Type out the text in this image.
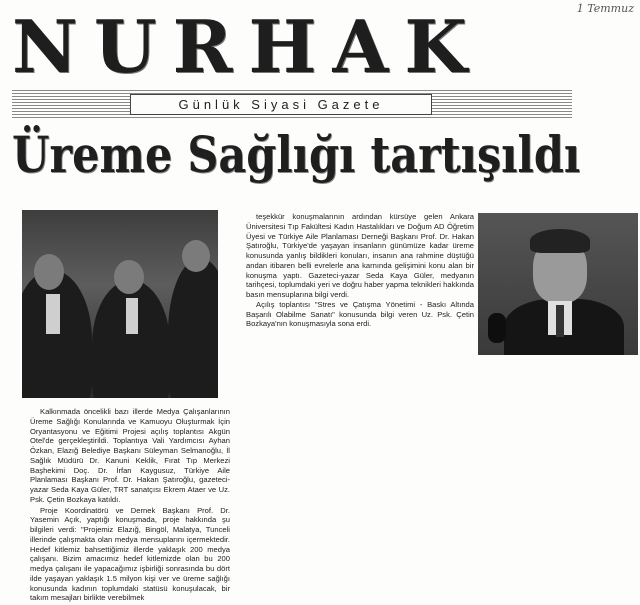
1 Temmuz
NURHAK
Günlük Siyasi Gazete
Üreme Sağlığı tartışıldı

teşekkür konuşmalarının ardından kürsüye gelen Ankara Üniversitesi Tıp Fakültesi Kadın Hastalıkları ve Doğum AD Öğretim Üyesi ve Türkiye Aile Planlaması Derneği Başkanı Prof. Dr. Hakan Şatıroğlu, Türkiye'de yaşayan insanların günümüze kadar üreme konusunda yanlış bildikleri konuları, insanın ana rahmine düştüğü andan itibaren belli evrelerle ana karnında gelişimini konu alan bir konuşma yaptı. Gazeteci-yazar Seda Kaya Güler, medyanın tarihçesi, toplumdaki yeri ve doğru haber yapma teknikleri hakkında basın mensuplarına bilgi verdi.

Açılış toplantısı "Stres ve Çatışma Yönetimi - Baskı Altında Başarılı Olabilme Sanatı" konusunda bilgi veren Uz. Psk. Çetin Bozkaya'nın konuşmasıyla sona erdi.

Kalkınmada öncelikli bazı illerde Medya Çalışanlarının Üreme Sağlığı Konularında ve Kamuoyu Oluşturmak İçin Oryantasyonu ve Eğitimi Projesi açılış toplantısı Akgün Otel'de gerçekleştirildi. Toplantıya Vali Yardımcısı Ayhan Özkan, Elazığ Belediye Başkanı Süleyman Selmanoğlu, İl Sağlık Müdürü Dr. Kanuni Keklik, Fırat Tıp Merkezi Başhekimi Doç. Dr. İrfan Kaygusuz, Türkiye Aile Planlaması Başkanı Prof. Dr. Hakan Şatıroğlu, gazeteci-yazar Seda Kaya Güler, TRT sanatçısı Ekrem Ataer ve Uz. Psk. Çetin Bozkaya katıldı.

Proje Koordinatörü ve Dernek Başkanı Prof. Dr. Yasemin Açık, yaptığı konuşmada, proje hakkında şu bilgileri verdi: "Projemiz Elazığ, Bingöl, Malatya, Tunceli illerinde çalışmakta olan medya mensuplarını içermektedir. Hedef kitlemiz bahsettiğimiz illerde yaklaşık 200 medya çalışanı. Bizim amacımız hedef kitlemizde olan bu 200 medya çalışanı ile yapacağımız işbirliği sonrasında bu dört ilde yaşayan yaklaşık 1.5 milyon kişi ver ve üreme sağlığı konusunda kadının toplumdaki statüsü konuşulacak, bir takım mesajları birlikte verebilmek
